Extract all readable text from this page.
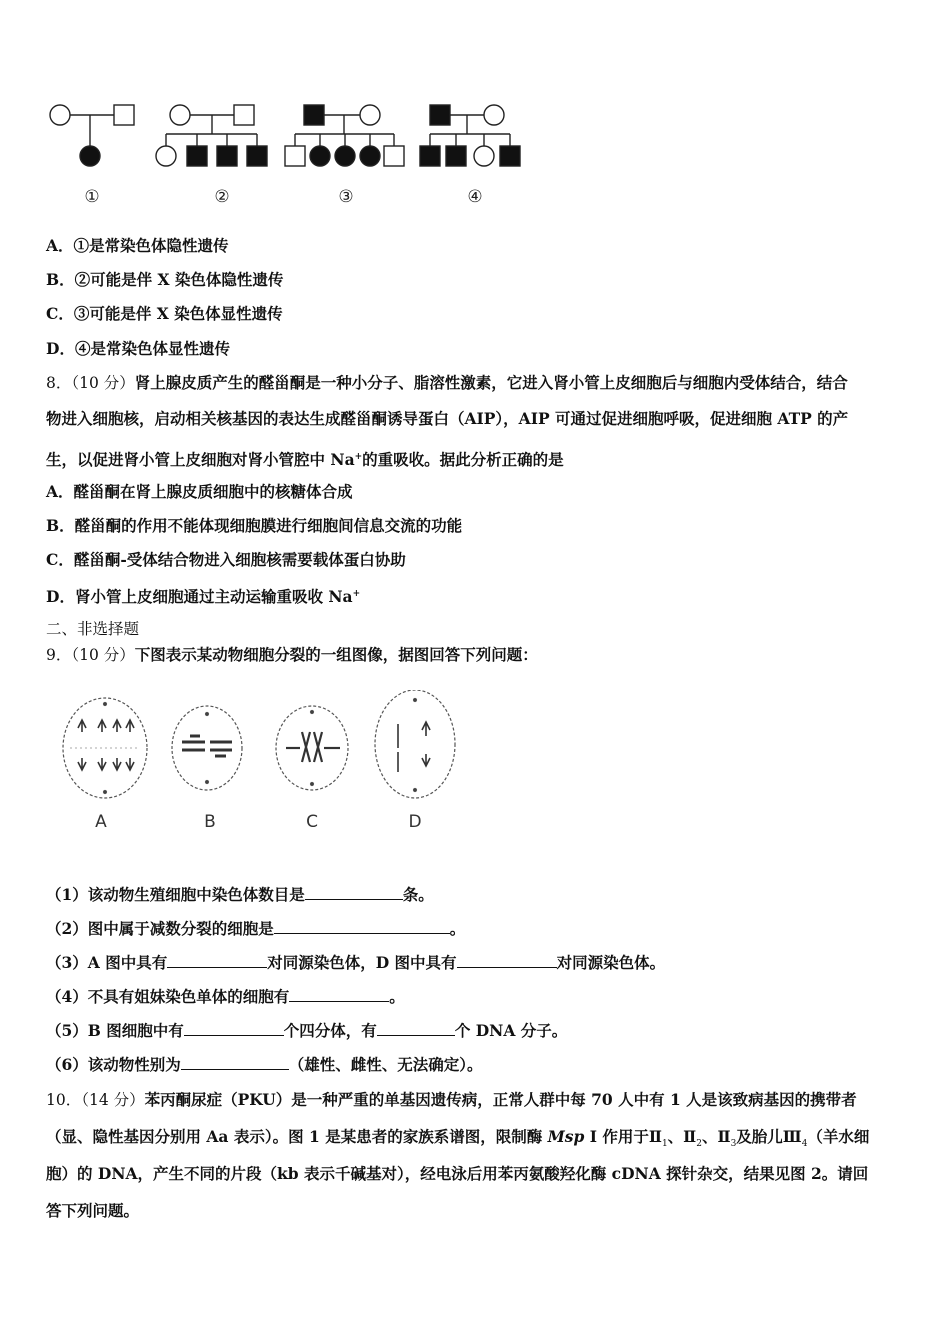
①	②	③	④
A．①是常染色体隐性遗传
B．②可能是伴 X 染色体隐性遗传
C．③可能是伴 X 染色体显性遗传
D．④是常染色体显性遗传
8．（10 分）肾上腺皮质产生的醛甾酮是一种小分子、脂溶性激素，它进入肾小管上皮细胞后与细胞内受体结合，结合
物进入细胞核，启动相关核基因的表达生成醛甾酮诱导蛋白（AIP），AIP 可通过促进细胞呼吸，促进细胞 ATP 的产
生，以促进肾小管上皮细胞对肾小管腔中 Na+的重吸收。据此分析正确的是
A．醛甾酮在肾上腺皮质细胞中的核糖体合成
B．醛甾酮的作用不能体现细胞膜进行细胞间信息交流的功能
C．醛甾酮-受体结合物进入细胞核需要载体蛋白协助
D．肾小管上皮细胞通过主动运输重吸收 Na+
二、非选择题
9．（10 分）下图表示某动物细胞分裂的一组图像，据图回答下列问题：
A	B	C	D
（1）该动物生殖细胞中染色体数目是	条。
（2）图中属于减数分裂的细胞是	。
（3）A 图中具有	对同源染色体，D 图中具有	对同源染色体。
（4）不具有姐妹染色单体的细胞有	。
（5）B 图细胞中有	个四分体，有	个 DNA 分子。
（6）该动物性别为	（雄性、雌性、无法确定）。
10．（14 分）苯丙酮尿症（PKU）是一种严重的单基因遗传病，正常人群中每 70 人中有 1 人是该致病基因的携带者
（显、隐性基因分别用 Aa 表示）。图 1 是某患者的家族系谱图，限制酶 Msp I 作用于$Ⅱ_1$、$Ⅱ_2$、$Ⅱ_3$及胎儿$Ⅲ_4$（羊水细
胞）的 DNA，产生不同的片段（kb 表示千碱基对），经电泳后用苯丙氨酸羟化酶 cDNA 探针杂交，结果见图 2。请回
答下列问题。
